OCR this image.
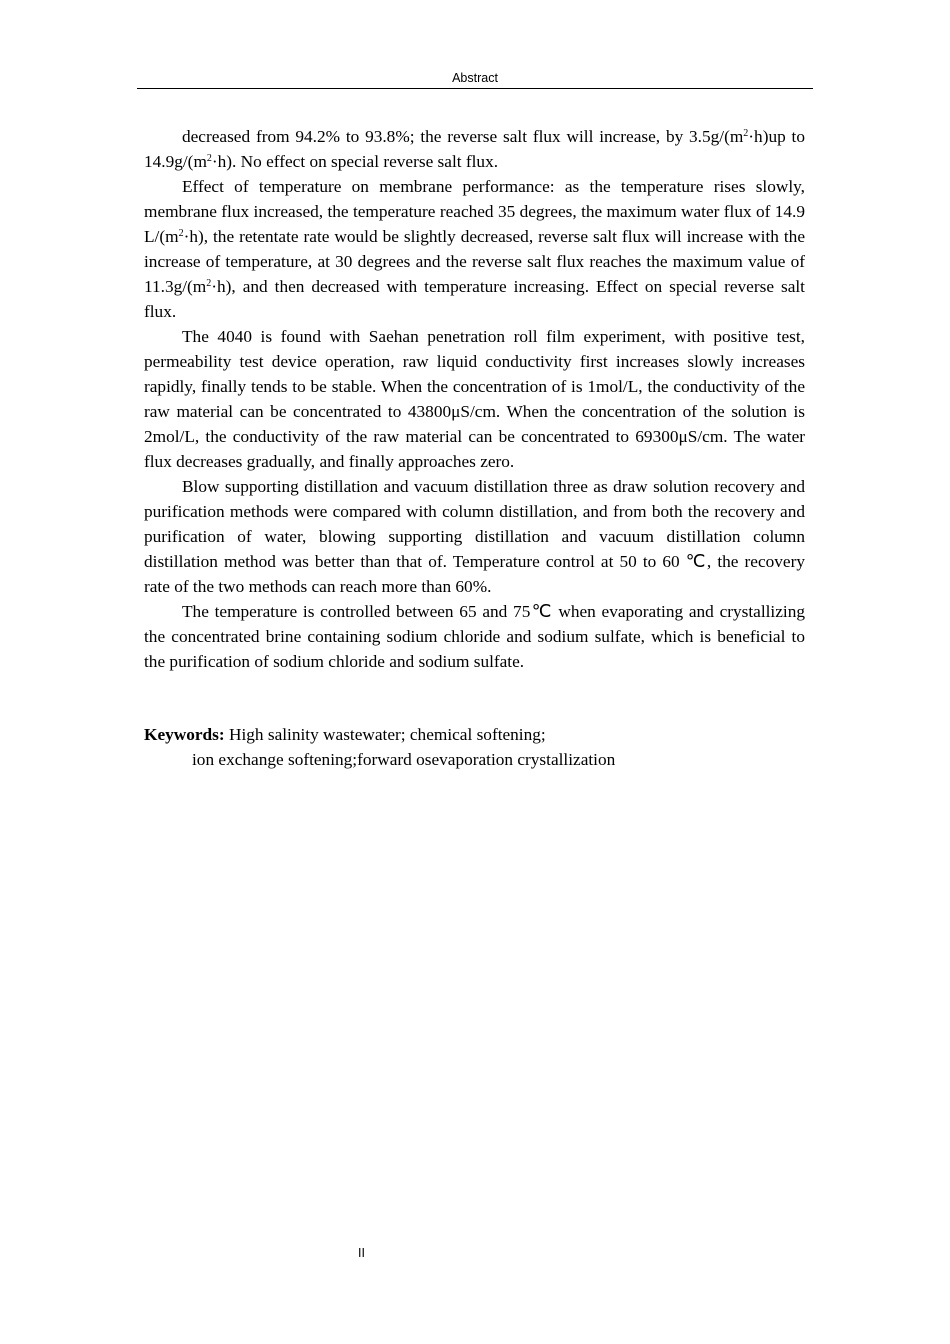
Abstract

decreased from 94.2% to 93.8%; the reverse salt flux will increase, by $3.5g/(m^2\cdot h)up$ to $14.9g/(m^2\cdot h)$. No effect on special reverse salt flux.

Effect of temperature on membrane performance: as the temperature rises slowly, membrane flux increased, the temperature reached 35 degrees, the maximum water flux of 14.9 $L/(m^2\cdot h)$, the retentate rate would be slightly decreased, reverse salt flux will increase with the increase of temperature, at 30 degrees and the reverse salt flux reaches the maximum value of $11.3g/(m^2\cdot h)$, and then decreased with temperature increasing. Effect on special reverse salt flux.

The 4040 is found with Saehan penetration roll film experiment, with positive test, permeability test device operation, raw liquid conductivity first increases slowly increases rapidly, finally tends to be stable. When the concentration of is 1mol/L, the conductivity of the raw material can be concentrated to 43800μS/cm. When the concentration of the solution is 2mol/L, the conductivity of the raw material can be concentrated to 69300μS/cm. The water flux decreases gradually, and finally approaches zero.

Blow supporting distillation and vacuum distillation three as draw solution recovery and purification methods were compared with column distillation, and from both the recovery and purification of water, blowing supporting distillation and vacuum distillation column distillation method was better than that of. Temperature control at 50 to 60 ℃, the recovery rate of the two methods can reach more than 60%.

The temperature is controlled between 65 and 75℃ when evaporating and crystallizing the concentrated brine containing sodium chloride and sodium sulfate, which is beneficial to the purification of sodium chloride and sodium sulfate.

Keywords: High salinity wastewater; chemical softening;
ion exchange softening;forward osevaporation crystallization
II
